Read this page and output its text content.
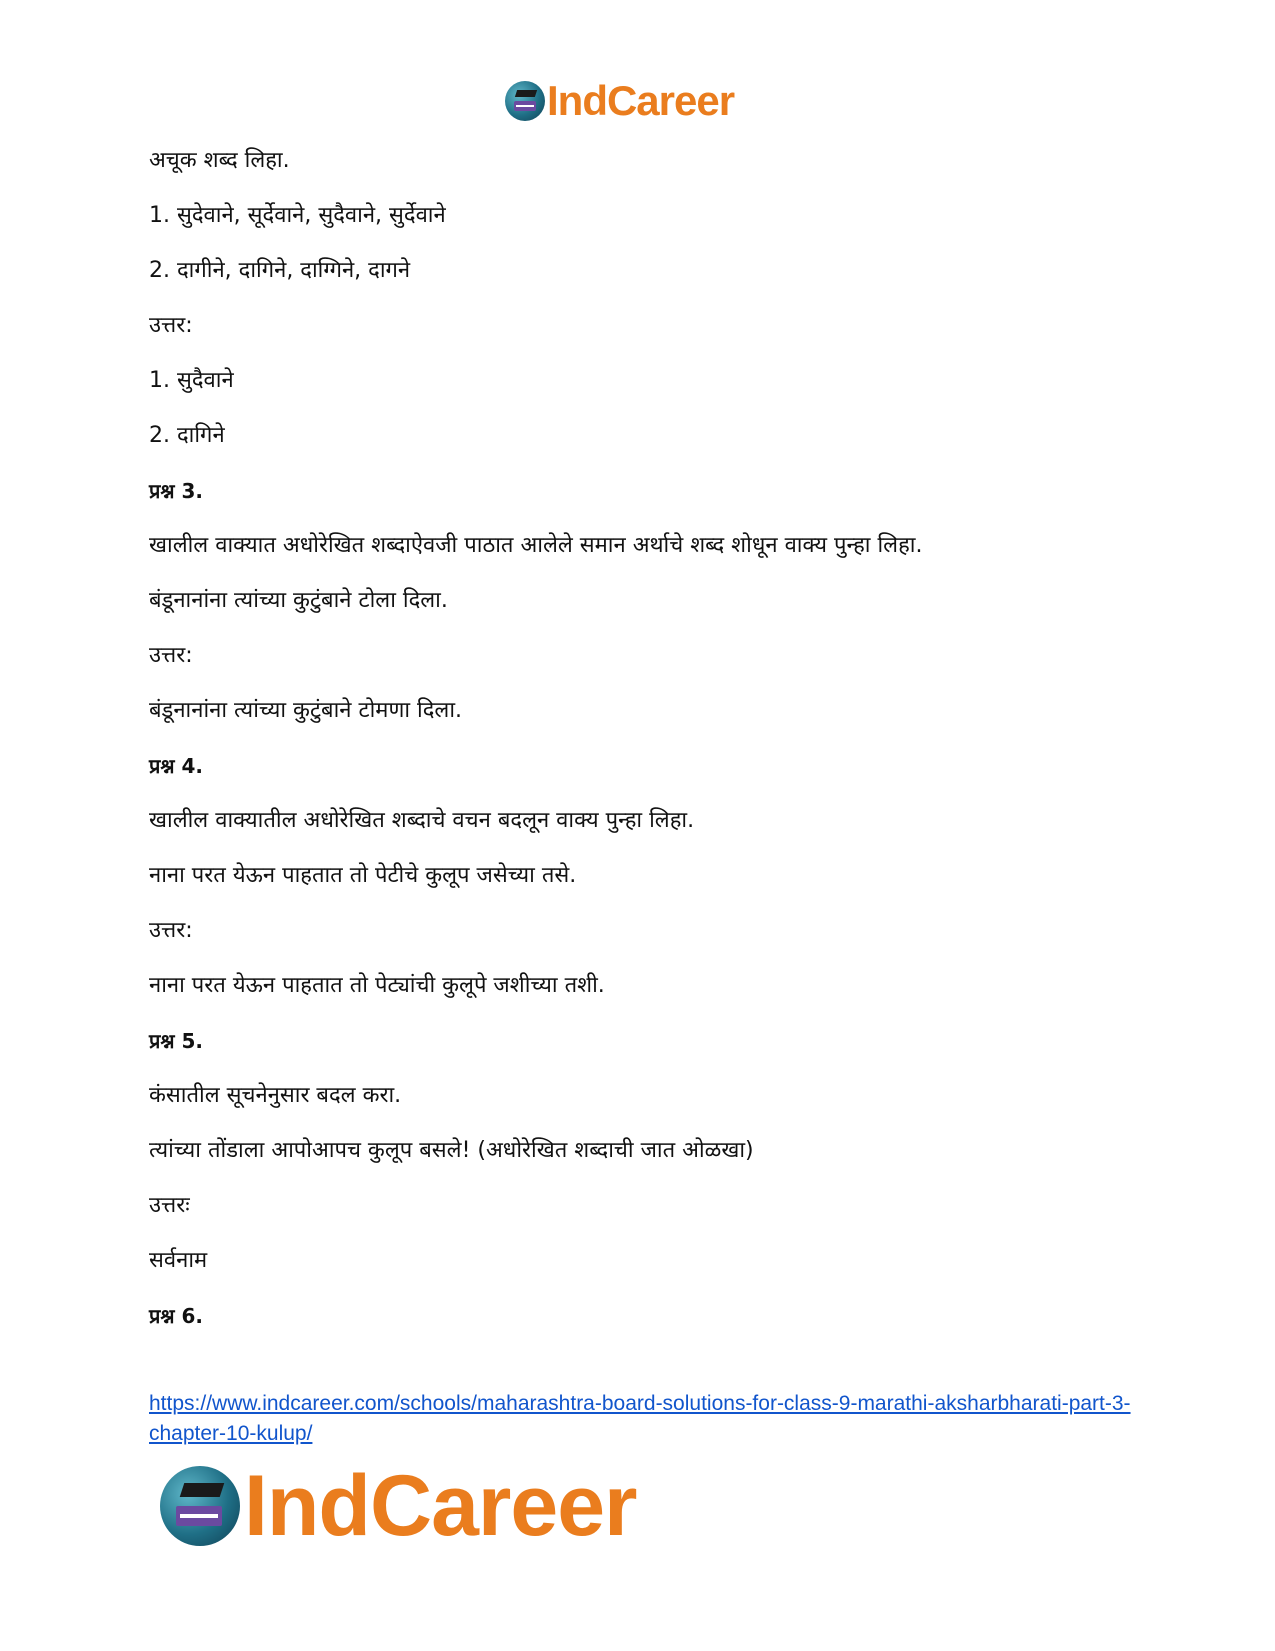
IndCareer
अचूक शब्द लिहा.
1. सुदेवाने, सूर्देवाने, सुदैवाने, सुर्देवाने
2. दागीने, दागिने, दाग्गिने, दागने
उत्तर:
1. सुदैवाने
2. दागिने
प्रश्न 3.
खालील वाक्यात अधोरेखित शब्दाऐवजी पाठात आलेले समान अर्थाचे शब्द शोधून वाक्य पुन्हा लिहा.
बंडूनानांना त्यांच्या कुटुंबाने टोला दिला.
उत्तर:
बंडूनानांना त्यांच्या कुटुंबाने टोमणा दिला.
प्रश्न 4.
खालील वाक्यातील अधोरेखित शब्दाचे वचन बदलून वाक्य पुन्हा लिहा.
नाना परत येऊन पाहतात तो पेटीचे कुलूप जसेच्या तसे.
उत्तर:
नाना परत येऊन पाहतात तो पेट्यांची कुलूपे जशीच्या तशी.
प्रश्न 5.
कंसातील सूचनेनुसार बदल करा.
त्यांच्या तोंडाला आपोआपच कुलूप बसले! (अधोरेखित शब्दाची जात ओळखा)
उत्तरः
सर्वनाम
प्रश्न 6.
https://www.indcareer.com/schools/maharashtra-board-solutions-for-class-9-marathi-aksharbharati-part-3-chapter-10-kulup/
IndCareer
